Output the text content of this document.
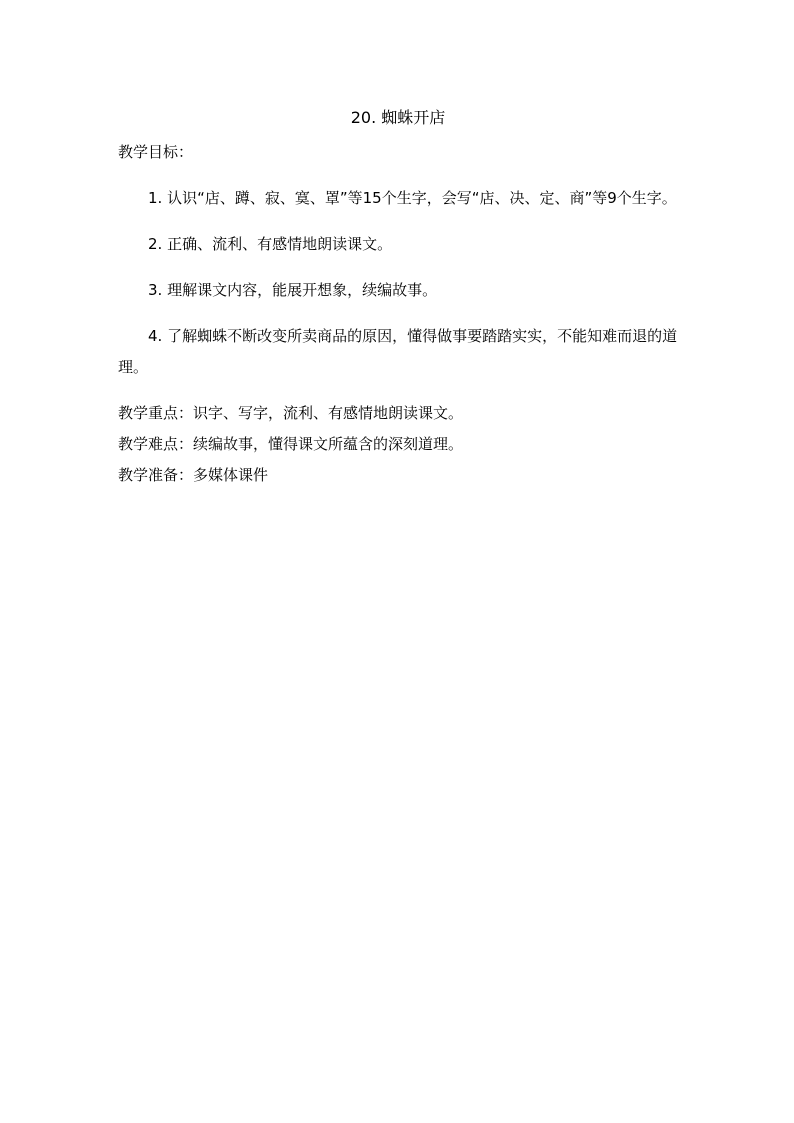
20. 蜘蛛开店

教学目标：

1. 认识“店、蹲、寂、寞、罩”等15个生字，会写“店、决、定、商”等9个生字。

2. 正确、流利、有感情地朗读课文。

3. 理解课文内容，能展开想象，续编故事。

4. 了解蜘蛛不断改变所卖商品的原因，懂得做事要踏踏实实，不能知难而退的道理。

教学重点：识字、写字，流利、有感情地朗读课文。

教学难点：续编故事，懂得课文所蕴含的深刻道理。

教学准备：多媒体课件
